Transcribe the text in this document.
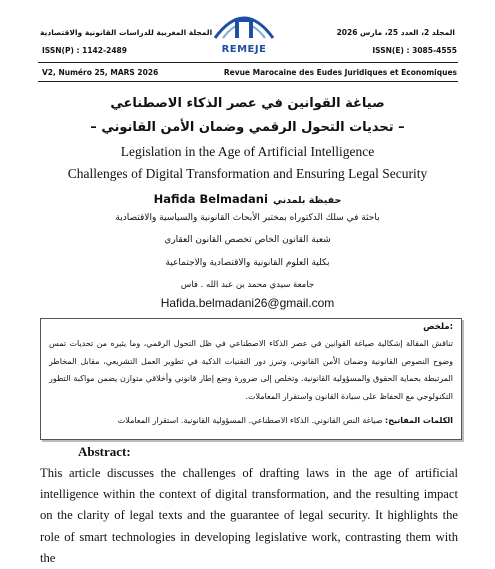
المجلد 2، العدد 25، مارس 2026
المجلة المغربية للدراسات القانونية والاقتصادية
ISSN(P) : 1142-2489	ISSN(E) : 3085-4555
REMEJE
V2, Numéro 25, MARS 2026	Revue Marocaine des Eudes Juridiques et Economiques
صياغة القوانين في عصر الذكاء الاصطناعي
– تحديات التحول الرقمي وضمان الأمن القانوني –
Legislation in the Age of Artificial Intelligence
Challenges of Digital Transformation and Ensuring Legal Security
Hafida Belmadani حفيظة بلمدني
باحثة في سلك الدكتوراه بمختبر الأبحاث القانونية والسياسية والاقتصادية
شعبة القانون الخاص تخصص القانون العقاري
بكلية العلوم القانونية والاقتصادية والاجتماعية
جامعة سيدي محمد بن عبد الله . فاس
Hafida.belmadani26@gmail.com
ملخص:
تناقش المقالة إشكالية صياغة القوانين في عصر الذكاء الاصطناعي في ظل التحول الرقمي، وما يثيره من تحديات تمس وضوح النصوص القانونية وضمان الأمن القانوني، وتبرز دور التقنيات الذكية في تطوير العمل التشريعي، مقابل المخاطر المرتبطة بحماية الحقوق والمسؤولية القانونية. وتخلص إلى ضرورة وضع إطار قانوني وأخلاقي متوازن يضمن مواكبة التطور التكنولوجي مع الحفاظ على سيادة القانون واستقرار المعاملات.
الكلمات المفاتيح: صياغة النص القانوني. الذكاء الاصطناعي. المسؤولية القانونية. استقرار المعاملات
Abstract:
This article discusses the challenges of drafting laws in the age of artificial intelligence within the context of digital transformation, and the resulting impact on the clarity of legal texts and the guarantee of legal security. It highlights the role of smart technologies in developing legislative work, contrasting them with the
